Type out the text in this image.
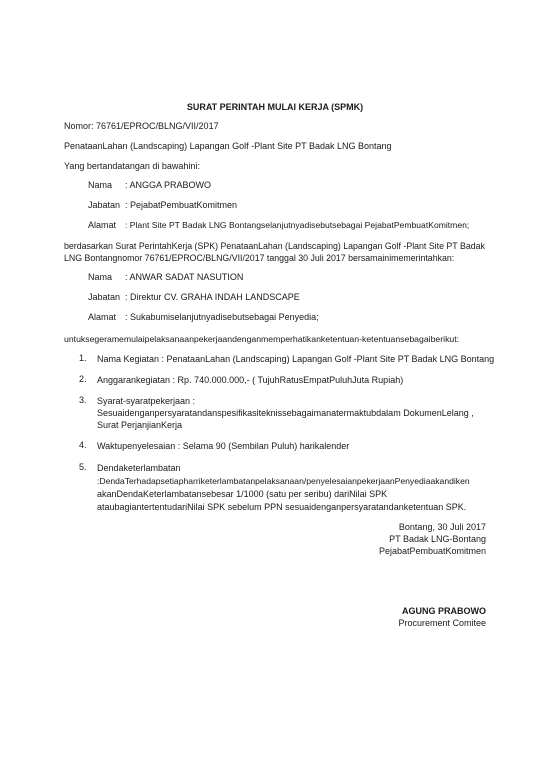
SURAT PERINTAH MULAI KERJA (SPMK)
Nomor: 76761/EPROC/BLNG/VII/2017
PenataanLahan (Landscaping) Lapangan Golf -Plant Site PT Badak LNG Bontang
Yang bertandatangan di bawahini:
Nama : ANGGA PRABOWO
Jabatan : PejabatPembuatKomitmen
Alamat : Plant Site PT Badak LNG Bontangselanjutnyadisebutsebagai PejabatPembuatKomitmen;
berdasarkan Surat PerintahKerja (SPK) PenataanLahan (Landscaping) Lapangan Golf -Plant Site PT Badak
LNG Bontangnomor 76761/EPROC/BLNG/VII/2017 tanggal 30 Juli 2017 bersamainimemerintahkan:
Nama : ANWAR SADAT NASUTION
Jabatan : Direktur CV. GRAHA INDAH LANDSCAPE
Alamat : Sukabumiselanjutnyadisebutsebagai Penyedia;
untuksegeramemulaipelaksanaanpekerjaandenganmemperhatikanketentuan-ketentuansebagaiberikut:
1. Nama Kegiatan : PenataanLahan (Landscaping) Lapangan Golf -Plant Site PT Badak LNG Bontang
2. Anggarankegiatan : Rp. 740.000.000,- ( TujuhRatusEmpatPuluhJuta Rupiah)
3. Syarat-syaratpekerjaan :
Sesuaidenganpersyaratandanspesifikasiteknissebagaimanatermaktubdalam DokumenLelang ,
Surat PerjanjianKerja
4. Waktupenyelesaian : Selama 90 (Sembilan Puluh) harikalender
5. Dendaketerlambatan
:DendaTerhadapsetiapharriketerlambatanpelaksanaan/penyelesaianpekerjaanPenyediaakandiken
akanDendaKeterlambatansebesar 1/1000 (satu per seribu) dariNilai SPK
ataubagiantertentudariNilai SPK sebelum PPN sesuaidenganpersyaratandanketentuan SPK.
Bontang, 30 Juli 2017
PT Badak LNG-Bontang
PejabatPembuatKomitmen
AGUNG PRABOWO
Procurement Comitee
